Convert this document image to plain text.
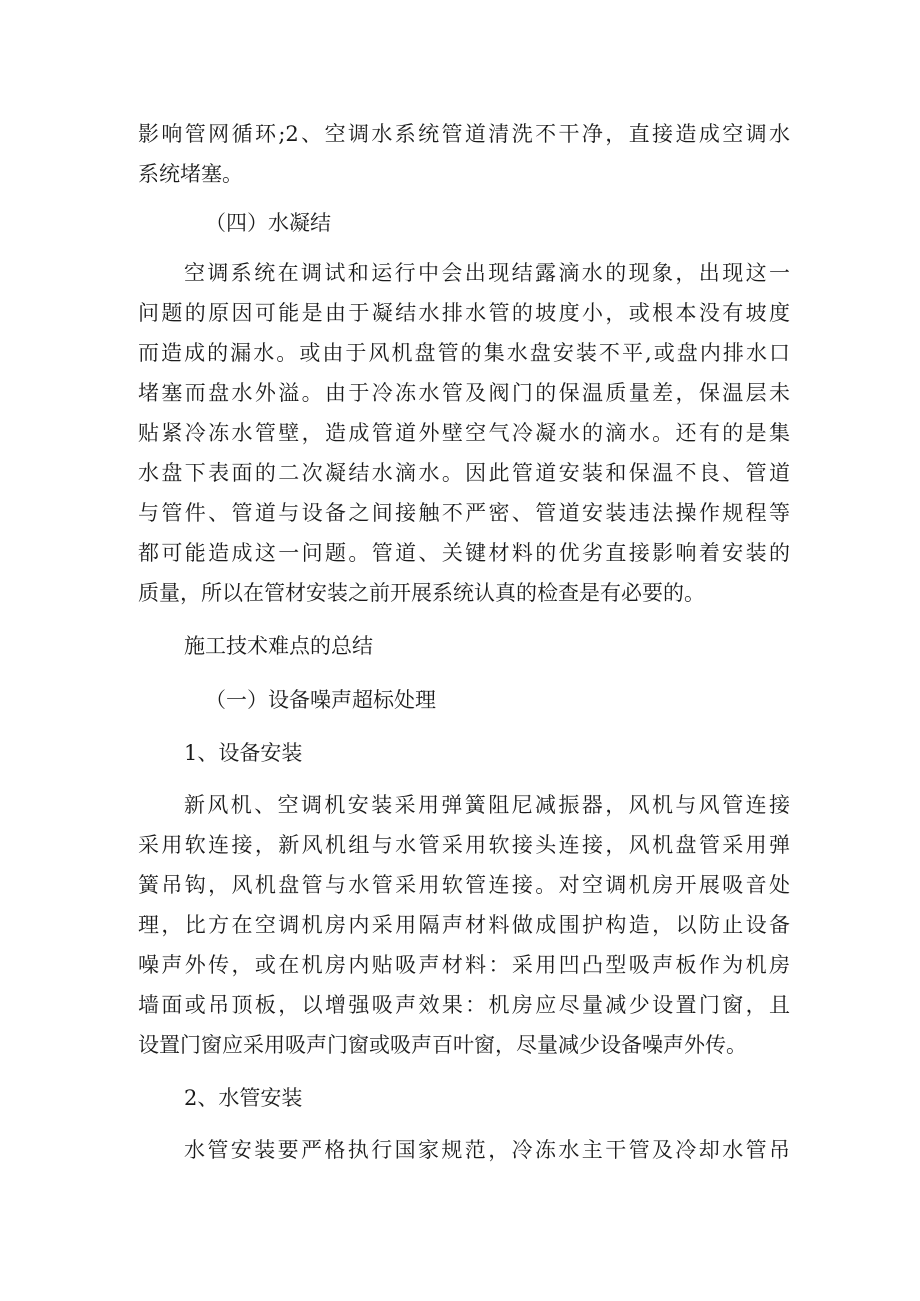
影响管网循环;2、空调水系统管道清洗不干净，直接造成空调水
系统堵塞。
（四）水凝结
空调系统在调试和运行中会出现结露滴水的现象，出现这一
问题的原因可能是由于凝结水排水管的坡度小，或根本没有坡度
而造成的漏水。或由于风机盘管的集水盘安装不平,或盘内排水口
堵塞而盘水外溢。由于冷冻水管及阀门的保温质量差，保温层未
贴紧冷冻水管壁，造成管道外壁空气冷凝水的滴水。还有的是集
水盘下表面的二次凝结水滴水。因此管道安装和保温不良、管道
与管件、管道与设备之间接触不严密、管道安装违法操作规程等
都可能造成这一问题。管道、关键材料的优劣直接影响着安装的
质量，所以在管材安装之前开展系统认真的检查是有必要的。
施工技术难点的总结
（一）设备噪声超标处理
1、设备安装
新风机、空调机安装采用弹簧阻尼减振器，风机与风管连接
采用软连接，新风机组与水管采用软接头连接，风机盘管采用弹
簧吊钩，风机盘管与水管采用软管连接。对空调机房开展吸音处
理，比方在空调机房内采用隔声材料做成围护构造，以防止设备
噪声外传，或在机房内贴吸声材料：采用凹凸型吸声板作为机房
墙面或吊顶板，以增强吸声效果：机房应尽量减少设置门窗，且
设置门窗应采用吸声门窗或吸声百叶窗，尽量减少设备噪声外传。
2、水管安装
水管安装要严格执行国家规范，冷冻水主干管及冷却水管吊
